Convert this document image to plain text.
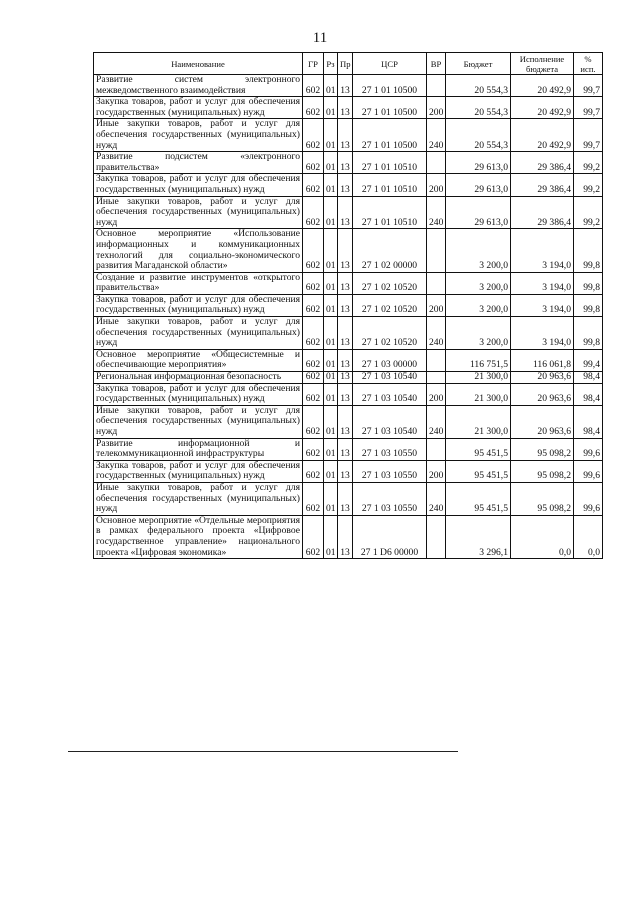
11
Наименование	ГР	Рз	Пр	ЦСР	ВР	Бюджет	Исполнение бюджета	% исп.
Развитие систем электронного межведомственного взаимодействия	602	01	13	27 1 01 10500		20 554,3	20 492,9	99,7
Закупка товаров, работ и услуг для обеспечения государственных (муниципальных) нужд	602	01	13	27 1 01 10500	200	20 554,3	20 492,9	99,7
Иные закупки товаров, работ и услуг для обеспечения государственных (муниципальных) нужд	602	01	13	27 1 01 10500	240	20 554,3	20 492,9	99,7
Развитие подсистем «электронного правительства»	602	01	13	27 1 01 10510		29 613,0	29 386,4	99,2
Закупка товаров, работ и услуг для обеспечения государственных (муниципальных) нужд	602	01	13	27 1 01 10510	200	29 613,0	29 386,4	99,2
Иные закупки товаров, работ и услуг для обеспечения государственных (муниципальных) нужд	602	01	13	27 1 01 10510	240	29 613,0	29 386,4	99,2
Основное мероприятие «Использование информационных и коммуникационных технологий для социально-экономического развития Магаданской области»	602	01	13	27 1 02 00000		3 200,0	3 194,0	99,8
Создание и развитие инструментов «открытого правительства»	602	01	13	27 1 02 10520		3 200,0	3 194,0	99,8
Закупка товаров, работ и услуг для обеспечения государственных (муниципальных) нужд	602	01	13	27 1 02 10520	200	3 200,0	3 194,0	99,8
Иные закупки товаров, работ и услуг для обеспечения государственных (муниципальных) нужд	602	01	13	27 1 02 10520	240	3 200,0	3 194,0	99,8
Основное мероприятие «Общесистемные и обеспечивающие мероприятия»	602	01	13	27 1 03 00000		116 751,5	116 061,8	99,4
Региональная информационная безопасность	602	01	13	27 1 03 10540		21 300,0	20 963,6	98,4
Закупка товаров, работ и услуг для обеспечения государственных (муниципальных) нужд	602	01	13	27 1 03 10540	200	21 300,0	20 963,6	98,4
Иные закупки товаров, работ и услуг для обеспечения государственных (муниципальных) нужд	602	01	13	27 1 03 10540	240	21 300,0	20 963,6	98,4
Развитие информационной и телекоммуникационной инфраструктуры	602	01	13	27 1 03 10550		95 451,5	95 098,2	99,6
Закупка товаров, работ и услуг для обеспечения государственных (муниципальных) нужд	602	01	13	27 1 03 10550	200	95 451,5	95 098,2	99,6
Иные закупки товаров, работ и услуг для обеспечения государственных (муниципальных) нужд	602	01	13	27 1 03 10550	240	95 451,5	95 098,2	99,6
Основное мероприятие «Отдельные мероприятия в рамках федерального проекта «Цифровое государственное управление» национального проекта «Цифровая экономика»	602	01	13	27 1 D6 00000		3 296,1	0,0	0,0
